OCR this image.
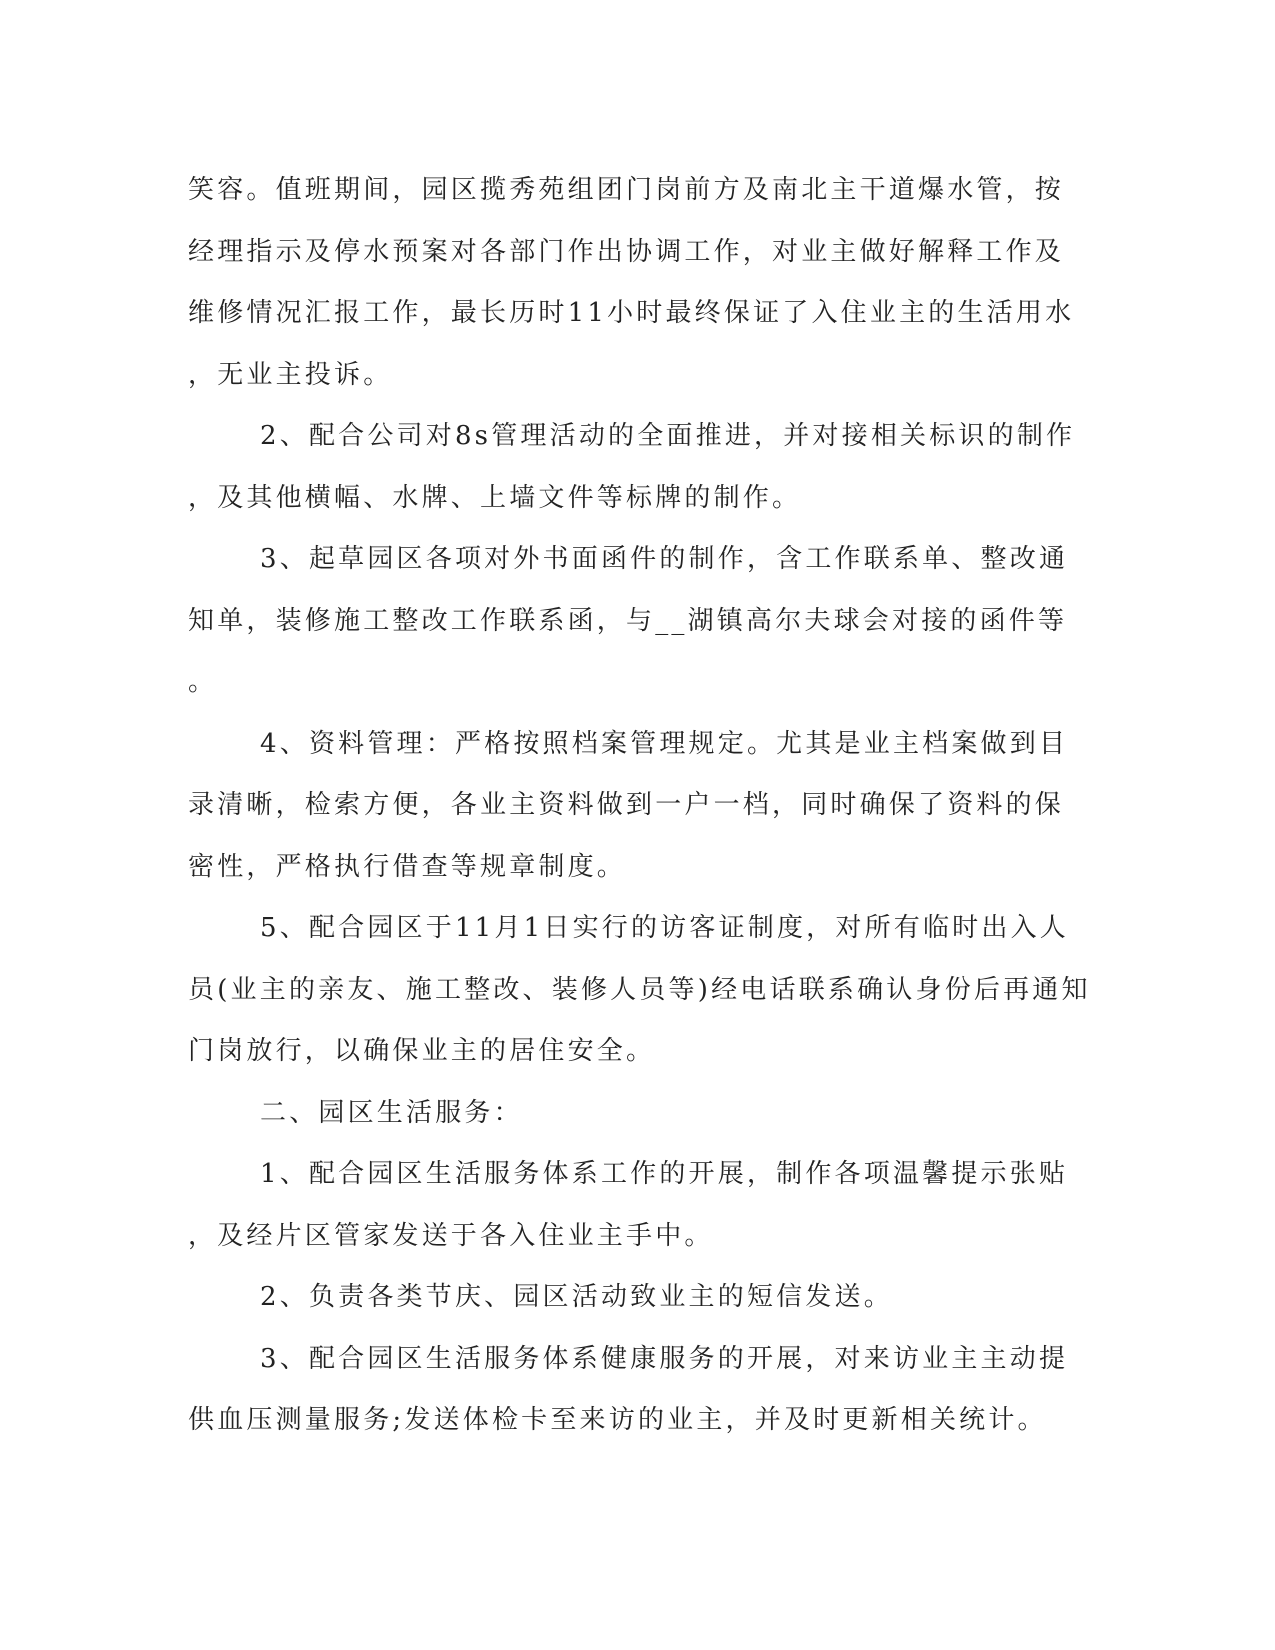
笑容。值班期间，园区揽秀苑组团门岗前方及南北主干道爆水管，按
经理指示及停水预案对各部门作出协调工作，对业主做好解释工作及
维修情况汇报工作，最长历时11小时最终保证了入住业主的生活用水
，无业主投诉。
2、配合公司对8s管理活动的全面推进，并对接相关标识的制作
，及其他横幅、水牌、上墙文件等标牌的制作。
3、起草园区各项对外书面函件的制作，含工作联系单、整改通
知单，装修施工整改工作联系函，与__湖镇高尔夫球会对接的函件等
。
4、资料管理：严格按照档案管理规定。尤其是业主档案做到目
录清晰，检索方便，各业主资料做到一户一档，同时确保了资料的保
密性，严格执行借查等规章制度。
5、配合园区于11月1日实行的访客证制度，对所有临时出入人
员(业主的亲友、施工整改、装修人员等)经电话联系确认身份后再通知
门岗放行，以确保业主的居住安全。
二、园区生活服务：
1、配合园区生活服务体系工作的开展，制作各项温馨提示张贴
，及经片区管家发送于各入住业主手中。
2、负责各类节庆、园区活动致业主的短信发送。
3、配合园区生活服务体系健康服务的开展，对来访业主主动提
供血压测量服务;发送体检卡至来访的业主，并及时更新相关统计。
